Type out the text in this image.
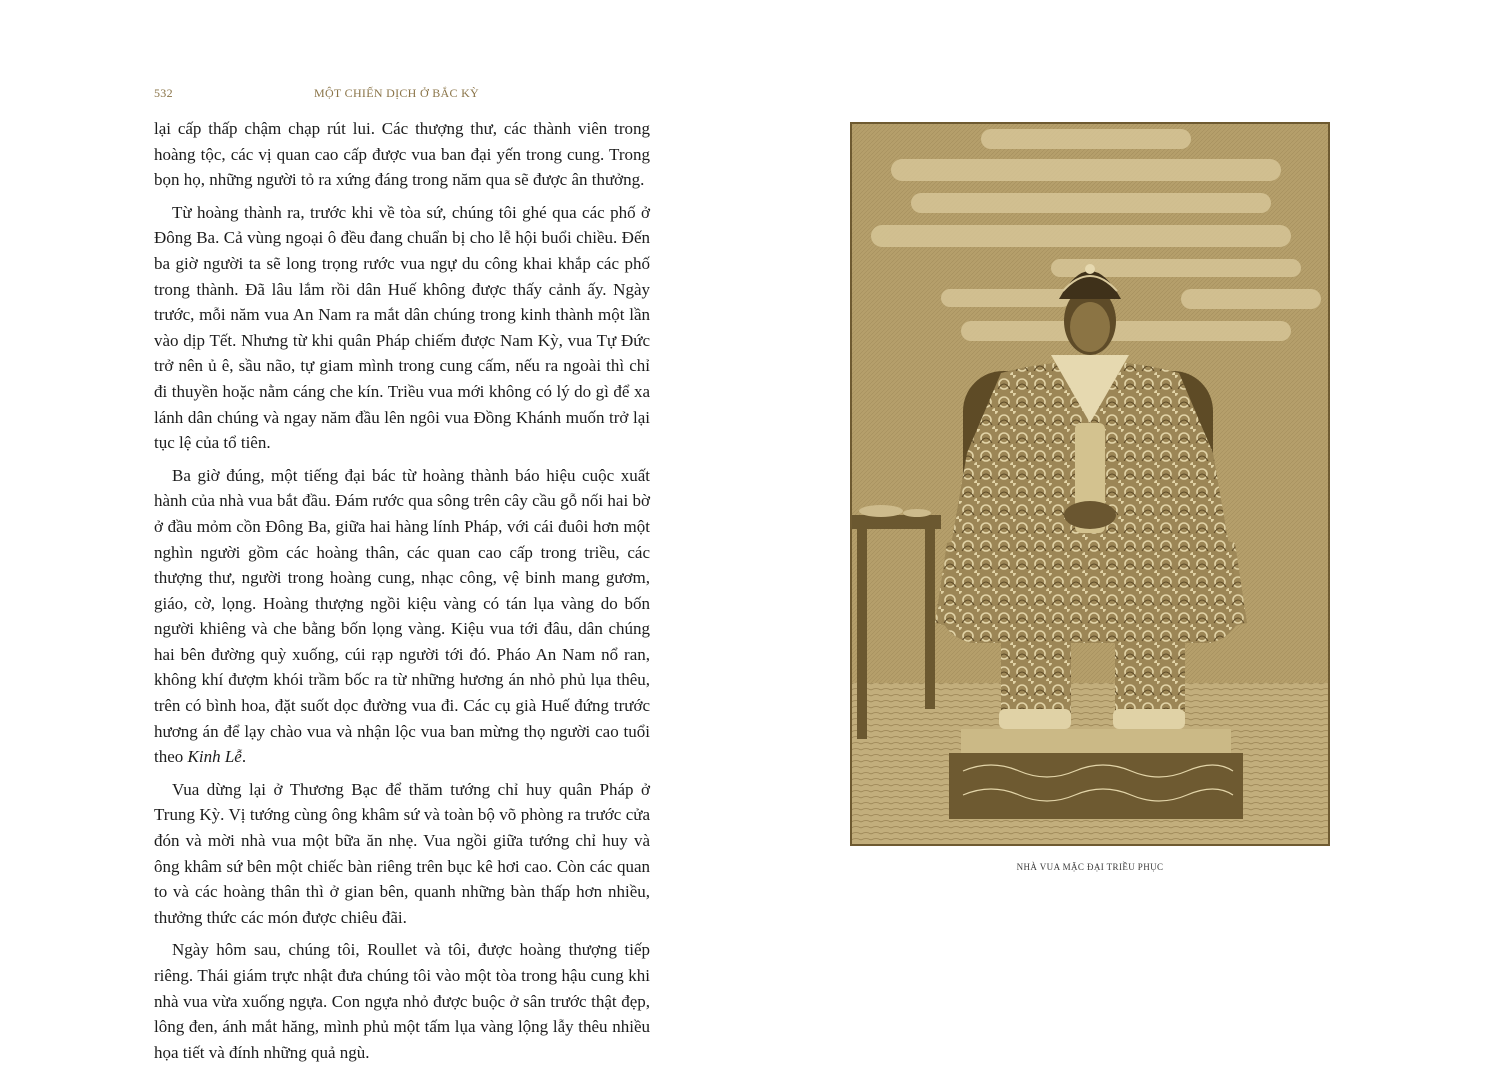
532	MỘT CHIẾN DỊCH Ở BẮC KỲ

lại cấp thấp chậm chạp rút lui. Các thượng thư, các thành viên trong hoàng tộc, các vị quan cao cấp được vua ban đại yến trong cung. Trong bọn họ, những người tỏ ra xứng đáng trong năm qua sẽ được ân thưởng.

Từ hoàng thành ra, trước khi về tòa sứ, chúng tôi ghé qua các phố ở Đông Ba. Cả vùng ngoại ô đều đang chuẩn bị cho lễ hội buổi chiều. Đến ba giờ người ta sẽ long trọng rước vua ngự du công khai khắp các phố trong thành. Đã lâu lắm rồi dân Huế không được thấy cảnh ấy. Ngày trước, mỗi năm vua An Nam ra mắt dân chúng trong kinh thành một lần vào dịp Tết. Nhưng từ khi quân Pháp chiếm được Nam Kỳ, vua Tự Đức trở nên ủ ê, sầu não, tự giam mình trong cung cấm, nếu ra ngoài thì chỉ đi thuyền hoặc nằm cáng che kín. Triều vua mới không có lý do gì để xa lánh dân chúng và ngay năm đầu lên ngôi vua Đồng Khánh muốn trở lại tục lệ của tổ tiên.

Ba giờ đúng, một tiếng đại bác từ hoàng thành báo hiệu cuộc xuất hành của nhà vua bắt đầu. Đám rước qua sông trên cây cầu gỗ nối hai bờ ở đầu mỏm cồn Đông Ba, giữa hai hàng lính Pháp, với cái đuôi hơn một nghìn người gồm các hoàng thân, các quan cao cấp trong triều, các thượng thư, người trong hoàng cung, nhạc công, vệ binh mang gươm, giáo, cờ, lọng. Hoàng thượng ngồi kiệu vàng có tán lụa vàng do bốn người khiêng và che bằng bốn lọng vàng. Kiệu vua tới đâu, dân chúng hai bên đường quỳ xuống, cúi rạp người tới đó. Pháo An Nam nổ ran, không khí đượm khói trầm bốc ra từ những hương án nhỏ phủ lụa thêu, trên có bình hoa, đặt suốt dọc đường vua đi. Các cụ già Huế đứng trước hương án để lạy chào vua và nhận lộc vua ban mừng thọ người cao tuổi theo Kinh Lễ.

Vua dừng lại ở Thương Bạc để thăm tướng chỉ huy quân Pháp ở Trung Kỳ. Vị tướng cùng ông khâm sứ và toàn bộ võ phòng ra trước cửa đón và mời nhà vua một bữa ăn nhẹ. Vua ngồi giữa tướng chỉ huy và ông khâm sứ bên một chiếc bàn riêng trên bục kê hơi cao. Còn các quan to và các hoàng thân thì ở gian bên, quanh những bàn thấp hơn nhiều, thưởng thức các món được chiêu đãi.

Ngày hôm sau, chúng tôi, Roullet và tôi, được hoàng thượng tiếp riêng. Thái giám trực nhật đưa chúng tôi vào một tòa trong hậu cung khi nhà vua vừa xuống ngựa. Con ngựa nhỏ được buộc ở sân trước thật đẹp, lông đen, ánh mắt hăng, mình phủ một tấm lụa vàng lộng lẫy thêu nhiều họa tiết và đính những quả ngù.

NHÀ VUA MẶC ĐẠI TRIỀU PHỤC
